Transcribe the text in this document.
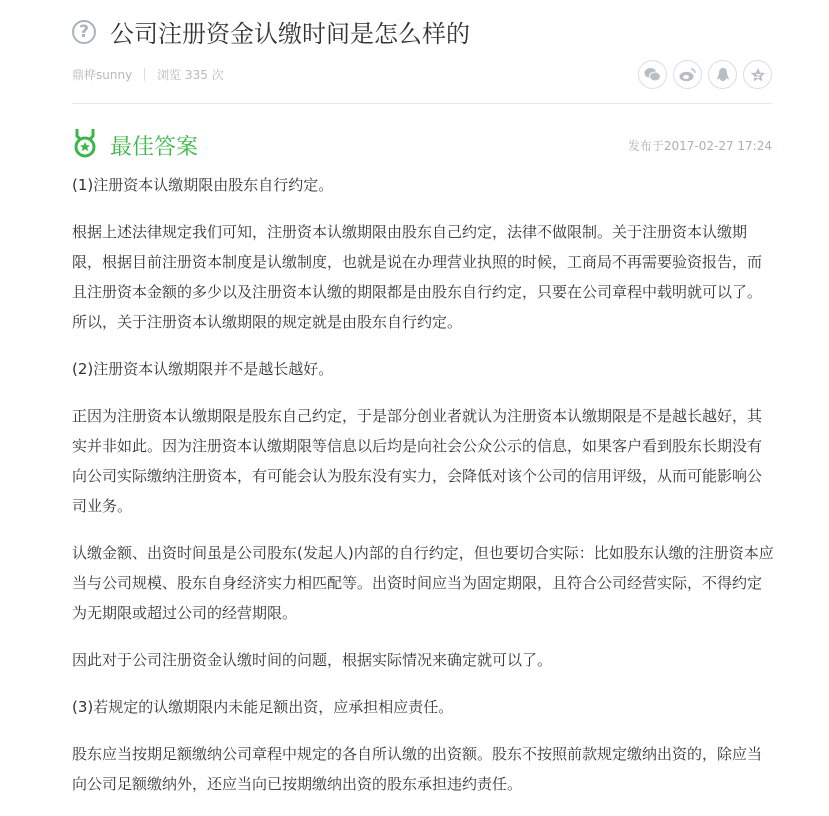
? 公司注册资金认缴时间是怎么样的
鼎桦sunny 浏览 335 次
最佳答案	发布于2017-02-27 17:24

(1)注册资本认缴期限由股东自行约定。

根据上述法律规定我们可知，注册资本认缴期限由股东自己约定，法律不做限制。关于注册资本认缴期限，根据目前注册资本制度是认缴制度，也就是说在办理营业执照的时候，工商局不再需要验资报告，而且注册资本金额的多少以及注册资本认缴的期限都是由股东自行约定，只要在公司章程中载明就可以了。所以，关于注册资本认缴期限的规定就是由股东自行约定。

(2)注册资本认缴期限并不是越长越好。

正因为注册资本认缴期限是股东自己约定，于是部分创业者就认为注册资本认缴期限是不是越长越好，其实并非如此。因为注册资本认缴期限等信息以后均是向社会公众公示的信息，如果客户看到股东长期没有向公司实际缴纳注册资本，有可能会认为股东没有实力，会降低对该个公司的信用评级，从而可能影响公司业务。

认缴金额、出资时间虽是公司股东(发起人)内部的自行约定，但也要切合实际：比如股东认缴的注册资本应当与公司规模、股东自身经济实力相匹配等。出资时间应当为固定期限，且符合公司经营实际，不得约定为无期限或超过公司的经营期限。

因此对于公司注册资金认缴时间的问题，根据实际情况来确定就可以了。

(3)若规定的认缴期限内未能足额出资，应承担相应责任。

股东应当按期足额缴纳公司章程中规定的各自所认缴的出资额。股东不按照前款规定缴纳出资的，除应当向公司足额缴纳外，还应当向已按期缴纳出资的股东承担违约责任。
